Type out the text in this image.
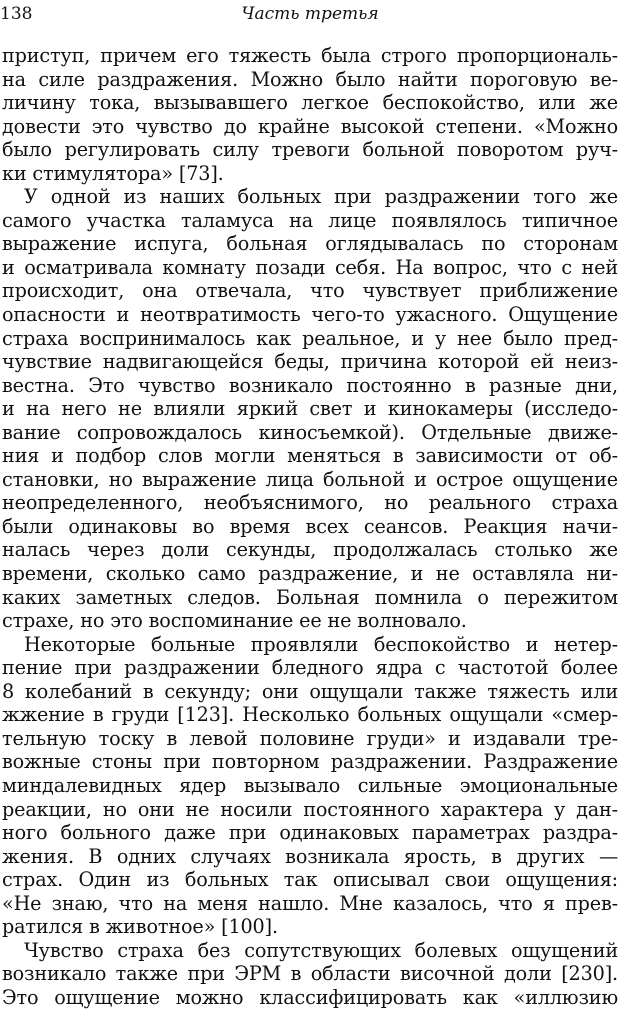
138	Часть третья
приступ, причем его тяжесть была строго пропорциональ-
на силе раздражения. Можно было найти пороговую ве-
личину тока, вызывавшего легкое беспокойство, или же
довести это чувство до крайне высокой степени. «Можно
было регулировать силу тревоги больной поворотом руч-
ки стимулятора» [73].
У одной из наших больных при раздражении того же
самого участка таламуса на лице появлялось типичное
выражение испуга, больная оглядывалась по сторонам
и осматривала комнату позади себя. На вопрос, что с ней
происходит, она отвечала, что чувствует приближение
опасности и неотвратимость чего-то ужасного. Ощущение
страха воспринималось как реальное, и у нее было пред-
чувствие надвигающейся беды, причина которой ей неиз-
вестна. Это чувство возникало постоянно в разные дни,
и на него не влияли яркий свет и кинокамеры (исследо-
вание сопровождалось киносъемкой). Отдельные движе-
ния и подбор слов могли меняться в зависимости от об-
становки, но выражение лица больной и острое ощущение
неопределенного, необъяснимого, но реального страха
были одинаковы во время всех сеансов. Реакция начи-
налась через доли секунды, продолжалась столько же
времени, сколько само раздражение, и не оставляла ни-
каких заметных следов. Больная помнила о пережитом
страхе, но это воспоминание ее не волновало.
Некоторые больные проявляли беспокойство и нетер-
пение при раздражении бледного ядра с частотой более
8 колебаний в секунду; они ощущали также тяжесть или
жжение в груди [123]. Несколько больных ощущали «смер-
тельную тоску в левой половине груди» и издавали тре-
вожные стоны при повторном раздражении. Раздражение
миндалевидных ядер вызывало сильные эмоциональные
реакции, но они не носили постоянного характера у дан-
ного больного даже при одинаковых параметрах раздра-
жения. В одних случаях возникала ярость, в других —
страх. Один из больных так описывал свои ощущения:
«Не знаю, что на меня нашло. Мне казалось, что я прев-
ратился в животное» [100].
Чувство страха без сопутствующих болевых ощущений
возникало также при ЭРМ в области височной доли [230].
Это ощущение можно классифицировать как «иллюзию
